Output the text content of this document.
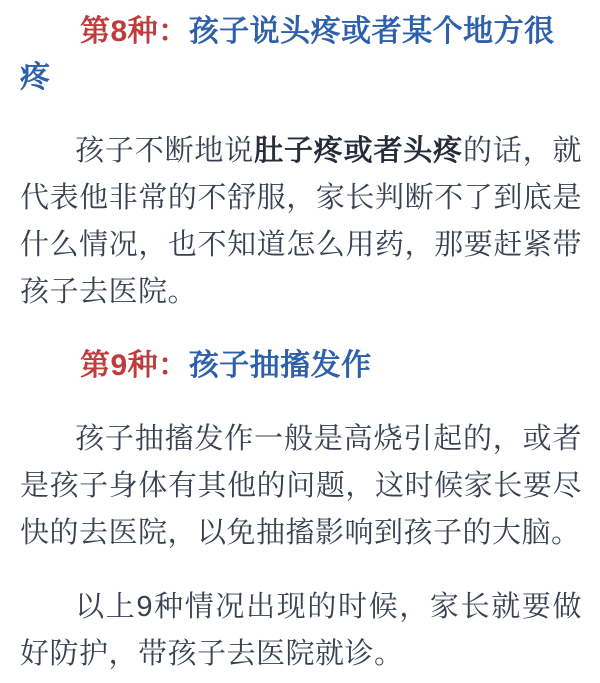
第8种：孩子说头疼或者某个地方很疼

孩子不断地说肚子疼或者头疼的话，就代表他非常的不舒服，家长判断不了到底是什么情况，也不知道怎么用药，那要赶紧带孩子去医院。

第9种：孩子抽搐发作

孩子抽搐发作一般是高烧引起的，或者是孩子身体有其他的问题，这时候家长要尽快的去医院，以免抽搐影响到孩子的大脑。

以上9种情况出现的时候，家长就要做好防护，带孩子去医院就诊。
